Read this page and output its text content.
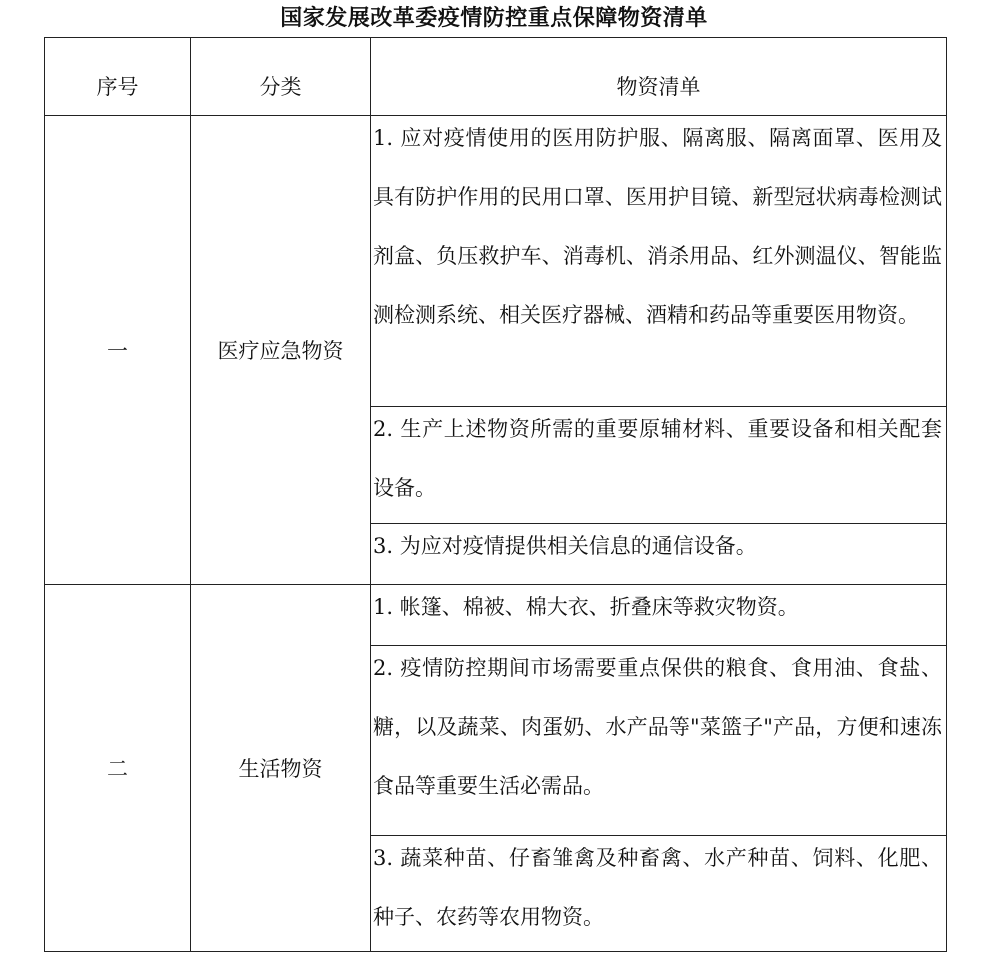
国家发展改革委疫情防控重点保障物资清单
序号	分类	物资清单
一	医疗应急物资	1. 应对疫情使用的医用防护服、隔离服、隔离面罩、医用及具有防护作用的民用口罩、医用护目镜、新型冠状病毒检测试剂盒、负压救护车、消毒机、消杀用品、红外测温仪、智能监测检测系统、相关医疗器械、酒精和药品等重要医用物资。

		2. 生产上述物资所需的重要原辅材料、重要设备和相关配套设备。

		3. 为应对疫情提供相关信息的通信设备。

二	生活物资	1. 帐篷、棉被、棉大衣、折叠床等救灾物资。

		2. 疫情防控期间市场需要重点保供的粮食、食用油、食盐、糖，以及蔬菜、肉蛋奶、水产品等"菜篮子"产品，方便和速冻食品等重要生活必需品。

		3. 蔬菜种苗、仔畜雏禽及种畜禽、水产种苗、饲料、化肥、种子、农药等农用物资。
